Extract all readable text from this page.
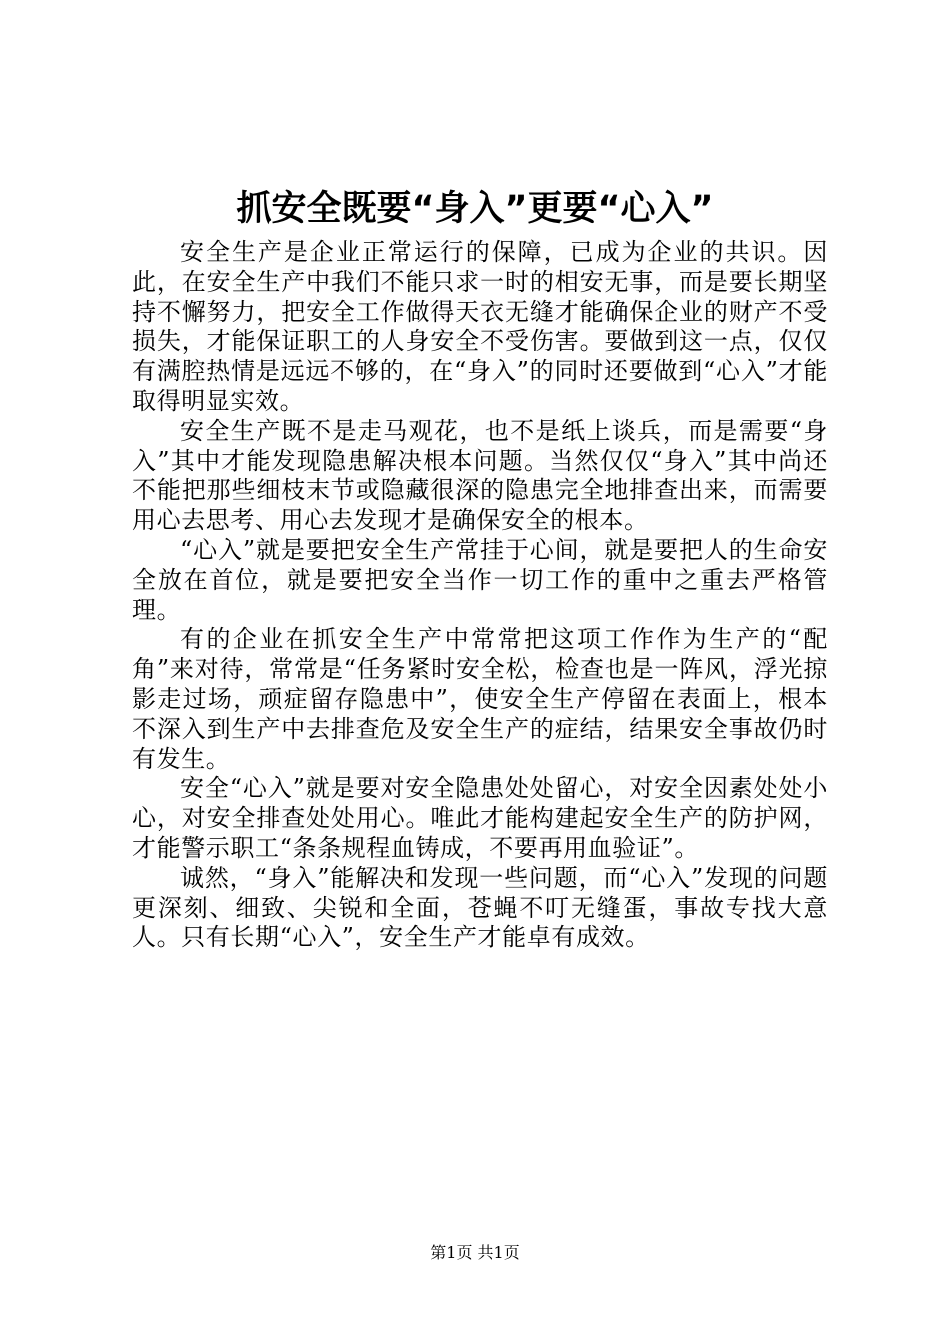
抓安全既要“身入”更要“心入”

安全生产是企业正常运行的保障，已成为企业的共识。因此，在安全生产中我们不能只求一时的相安无事，而是要长期坚持不懈努力，把安全工作做得天衣无缝才能确保企业的财产不受损失，才能保证职工的人身安全不受伤害。要做到这一点，仅仅有满腔热情是远远不够的，在“身入”的同时还要做到“心入”才能取得明显实效。

安全生产既不是走马观花，也不是纸上谈兵，而是需要“身入”其中才能发现隐患解决根本问题。当然仅仅“身入”其中尚还不能把那些细枝末节或隐藏很深的隐患完全地排查出来，而需要用心去思考、用心去发现才是确保安全的根本。

“心入”就是要把安全生产常挂于心间，就是要把人的生命安全放在首位，就是要把安全当作一切工作的重中之重去严格管理。

有的企业在抓安全生产中常常把这项工作作为生产的“配角”来对待，常常是“任务紧时安全松，检查也是一阵风，浮光掠影走过场，顽症留存隐患中”，使安全生产停留在表面上，根本不深入到生产中去排查危及安全生产的症结，结果安全事故仍时有发生。

安全“心入”就是要对安全隐患处处留心，对安全因素处处小心，对安全排查处处用心。唯此才能构建起安全生产的防护网，才能警示职工“条条规程血铸成，不要再用血验证”。

诚然，“身入”能解决和发现一些问题，而“心入”发现的问题更深刻、细致、尖锐和全面，苍蝇不叮无缝蛋，事故专找大意人。只有长期“心入”，安全生产才能卓有成效。

第1页 共1页
